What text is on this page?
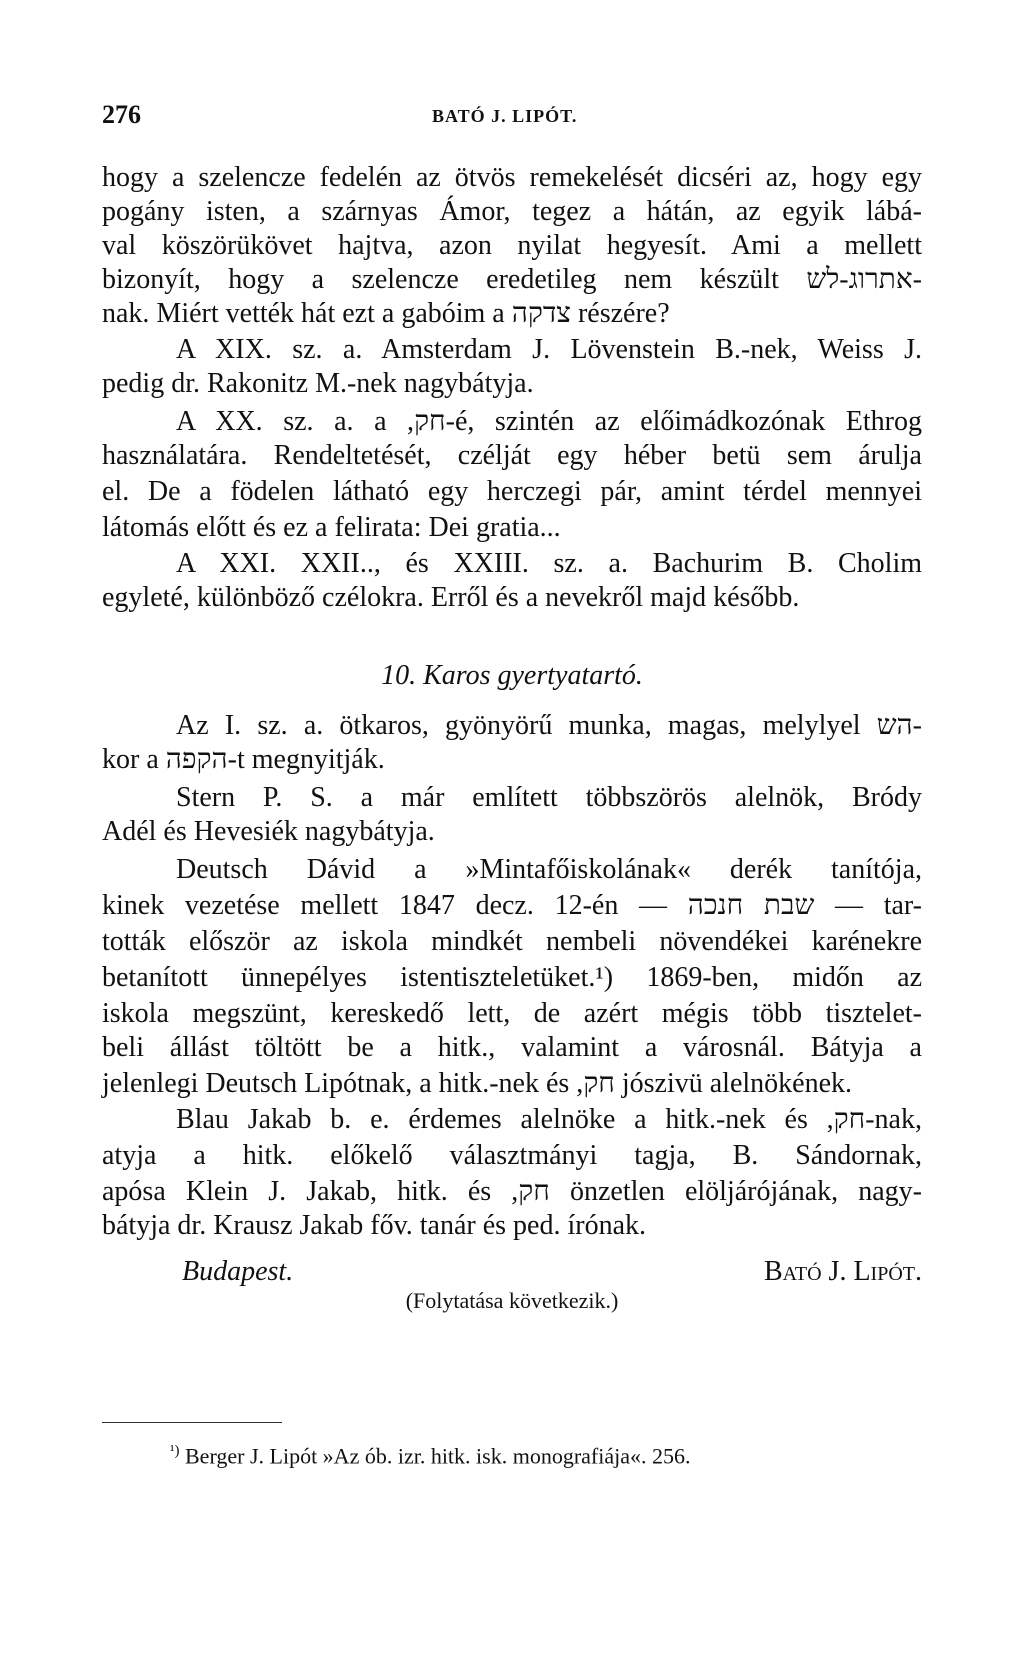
276	BATÓ J. LIPÓT.
hogy a szelencze fedelén az ötvös remekelését dicséri az, hogy egy
pogány isten, a szárnyas Ámor, tegez a hátán, az egyik lábá-
val köszörükövet hajtva, azon nyilat hegyesít. Ami a mellett
bizonyít, hogy a szelencze eredetileg nem készült אתרוג-לש-
nak. Miért vették hát ezt a gabóim a צדקה részére?
A XIX. sz. a. Amsterdam J. Lövenstein B.-nek, Weiss J.
pedig dr. Rakonitz M.-nek nagybátyja.
A XX. sz. a. a ,חק-é, szintén az előimádkozónak Ethrog
használatára. Rendeltetését, czélját egy héber betü sem árulja
el. De a födelen látható egy herczegi pár, amint térdel mennyei
látomás előtt és ez a felirata: Dei gratia...
A XXI. XXII.., és XXIII. sz. a. Bachurim B. Cholim
egyleté, különböző czélokra. Erről és a nevekről majd később.
10. Karos gyertyatartó.
Az I. sz. a. ötkaros, gyönyörű munka, magas, melylyel הש-
kor a הקפה-t megnyitják.
Stern P. S. a már említett többszörös alelnök, Bródy
Adél és Hevesiék nagybátyja.
Deutsch Dávid a »Mintafőiskolának« derék tanítója,
kinek vezetése mellett 1847 decz. 12-én — שבת חנכה — tar-
tották először az iskola mindkét nembeli növendékei karénekre
betanított ünnepélyes istentiszteletüket.¹) 1869-ben, midőn az
iskola megszünt, kereskedő lett, de azért mégis több tisztelet-
beli állást töltött be a hitk., valamint a városnál. Bátyja a
jelenlegi Deutsch Lipótnak, a hitk.-nek és ,חק jószivü alelnökének.
Blau Jakab b. e. érdemes alelnöke a hitk.-nek és ,חק-nak,
atyja a hitk. előkelő választmányi tagja, B. Sándornak,
apósa Klein J. Jakab, hitk. és ,חק önzetlen elöljárójának, nagy-
bátyja dr. Krausz Jakab főv. tanár és ped. írónak.
Budapest.	Bató J. Lipót.
(Folytatása következik.)
$^{^1)}$ Berger J. Lipót »Az ób. izr. hitk. isk. monografiája«. 256.
